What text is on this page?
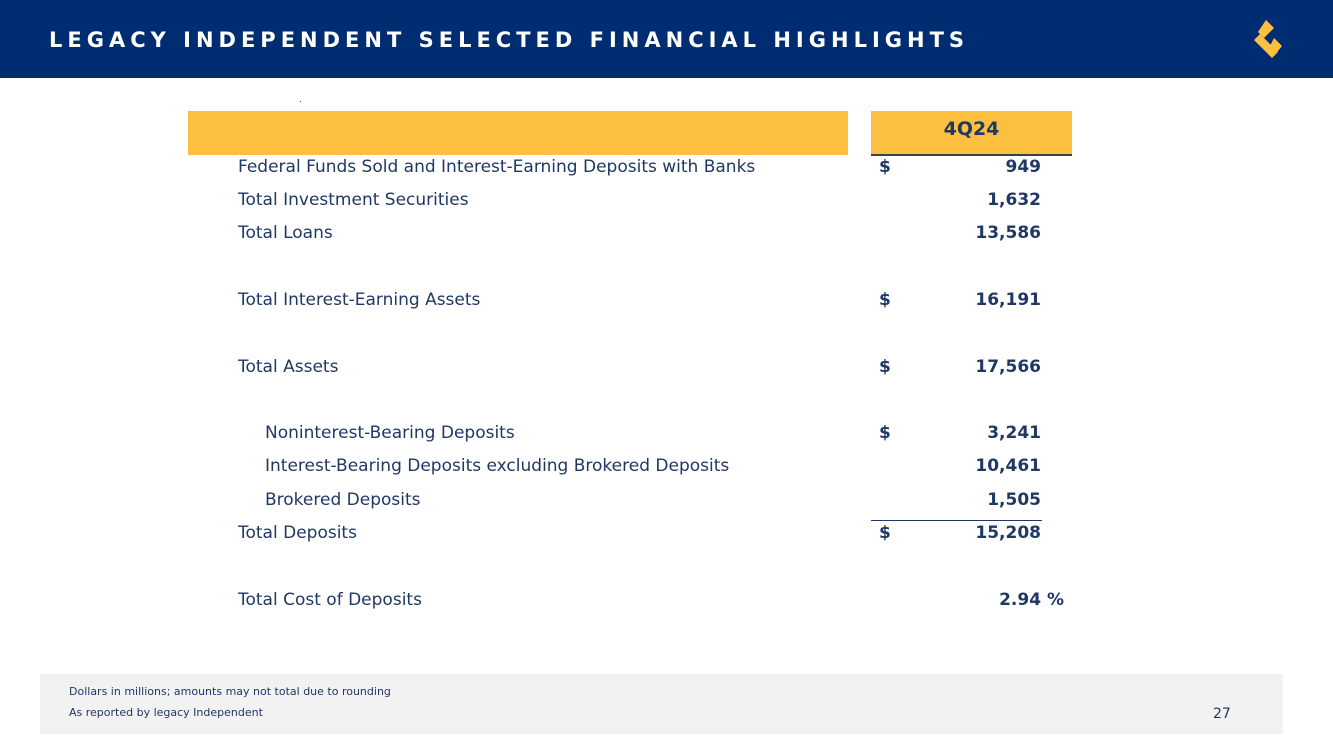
LEGACY INDEPENDENT SELECTED FINANCIAL HIGHLIGHTS
4Q24
Federal Funds Sold and Interest-Earning Deposits with Banks	$	949
Total Investment Securities	1,632
Total Loans	13,586
Total Interest-Earning Assets	$	16,191
Total Assets	$	17,566
Noninterest-Bearing Deposits	$	3,241
Interest-Bearing Deposits excluding Brokered Deposits	10,461
Brokered Deposits	1,505
Total Deposits	$	15,208
Total Cost of Deposits	2.94 %
Dollars in millions; amounts may not total due to rounding
As reported by legacy Independent	27
